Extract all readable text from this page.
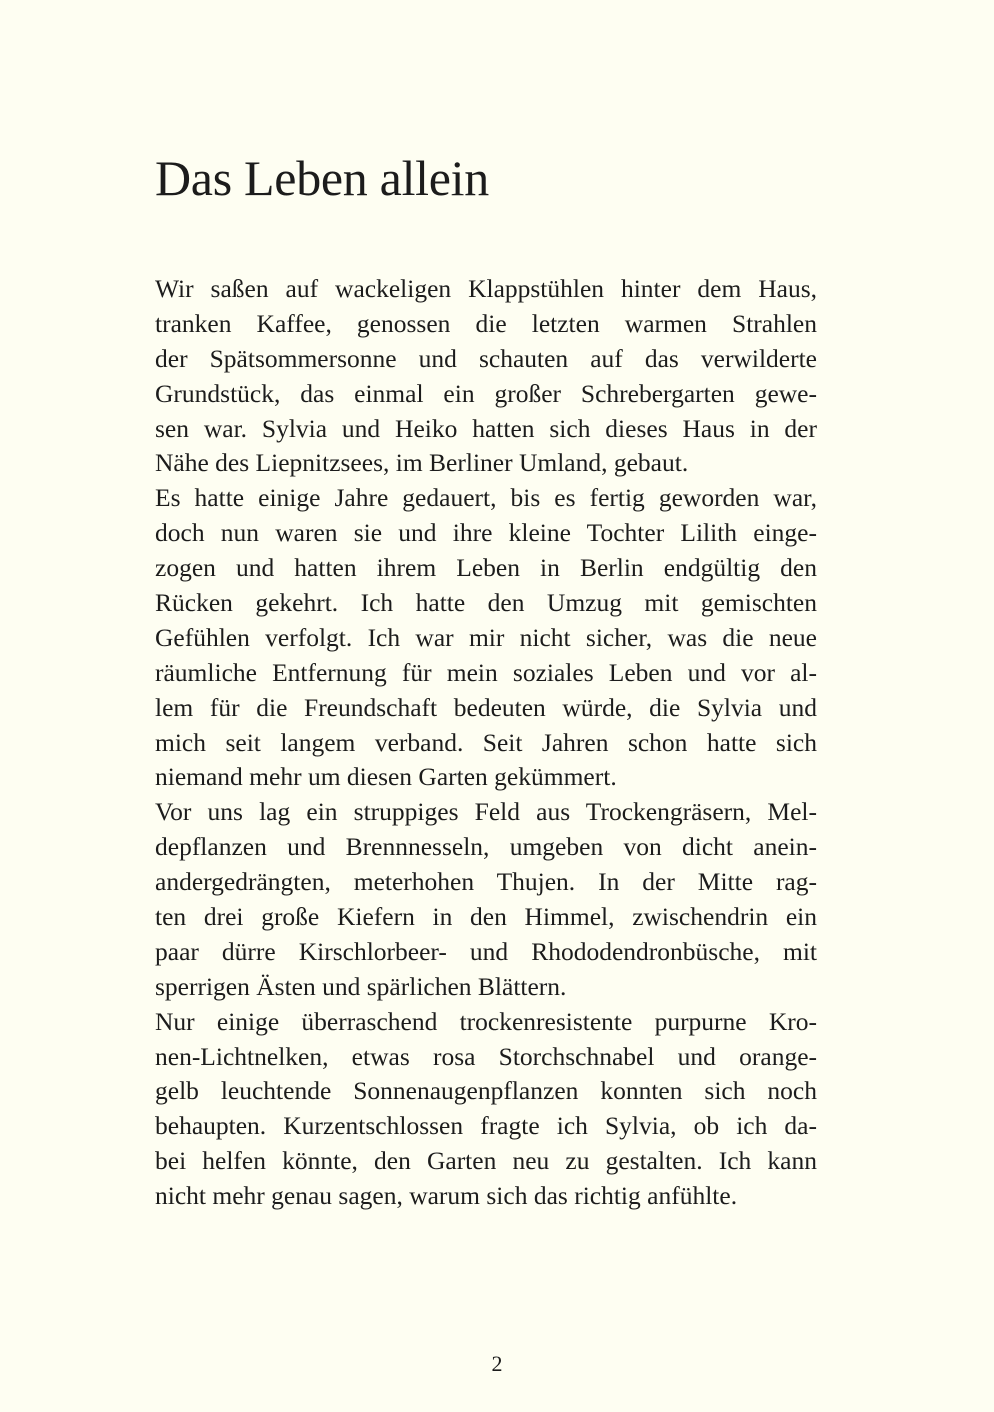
Das Leben allein
Wir saßen auf wackeligen Klappstühlen hinter dem Haus,
tranken Kaffee, genossen die letzten warmen Strahlen
der Spätsommersonne und schauten auf das verwilderte
Grundstück, das einmal ein großer Schrebergarten gewe-
sen war. Sylvia und Heiko hatten sich dieses Haus in der
Nähe des Liepnitzsees, im Berliner Umland, gebaut.
Es hatte einige Jahre gedauert, bis es fertig geworden war,
doch nun waren sie und ihre kleine Tochter Lilith einge-
zogen und hatten ihrem Leben in Berlin endgültig den
Rücken gekehrt. Ich hatte den Umzug mit gemischten
Gefühlen verfolgt. Ich war mir nicht sicher, was die neue
räumliche Entfernung für mein soziales Leben und vor al-
lem für die Freundschaft bedeuten würde, die Sylvia und
mich seit langem verband. Seit Jahren schon hatte sich
niemand mehr um diesen Garten gekümmert.
Vor uns lag ein struppiges Feld aus Trockengräsern, Mel-
depflanzen und Brennnesseln, umgeben von dicht anein-
andergedrängten, meterhohen Thujen. In der Mitte rag-
ten drei große Kiefern in den Himmel, zwischendrin ein
paar dürre Kirschlorbeer- und Rhododendronbüsche, mit
sperrigen Ästen und spärlichen Blättern.
Nur einige überraschend trockenresistente purpurne Kro-
nen-Lichtnelken, etwas rosa Storchschnabel und orange-
gelb leuchtende Sonnenaugenpflanzen konnten sich noch
behaupten. Kurzentschlossen fragte ich Sylvia, ob ich da-
bei helfen könnte, den Garten neu zu gestalten. Ich kann
nicht mehr genau sagen, warum sich das richtig anfühlte.
2
